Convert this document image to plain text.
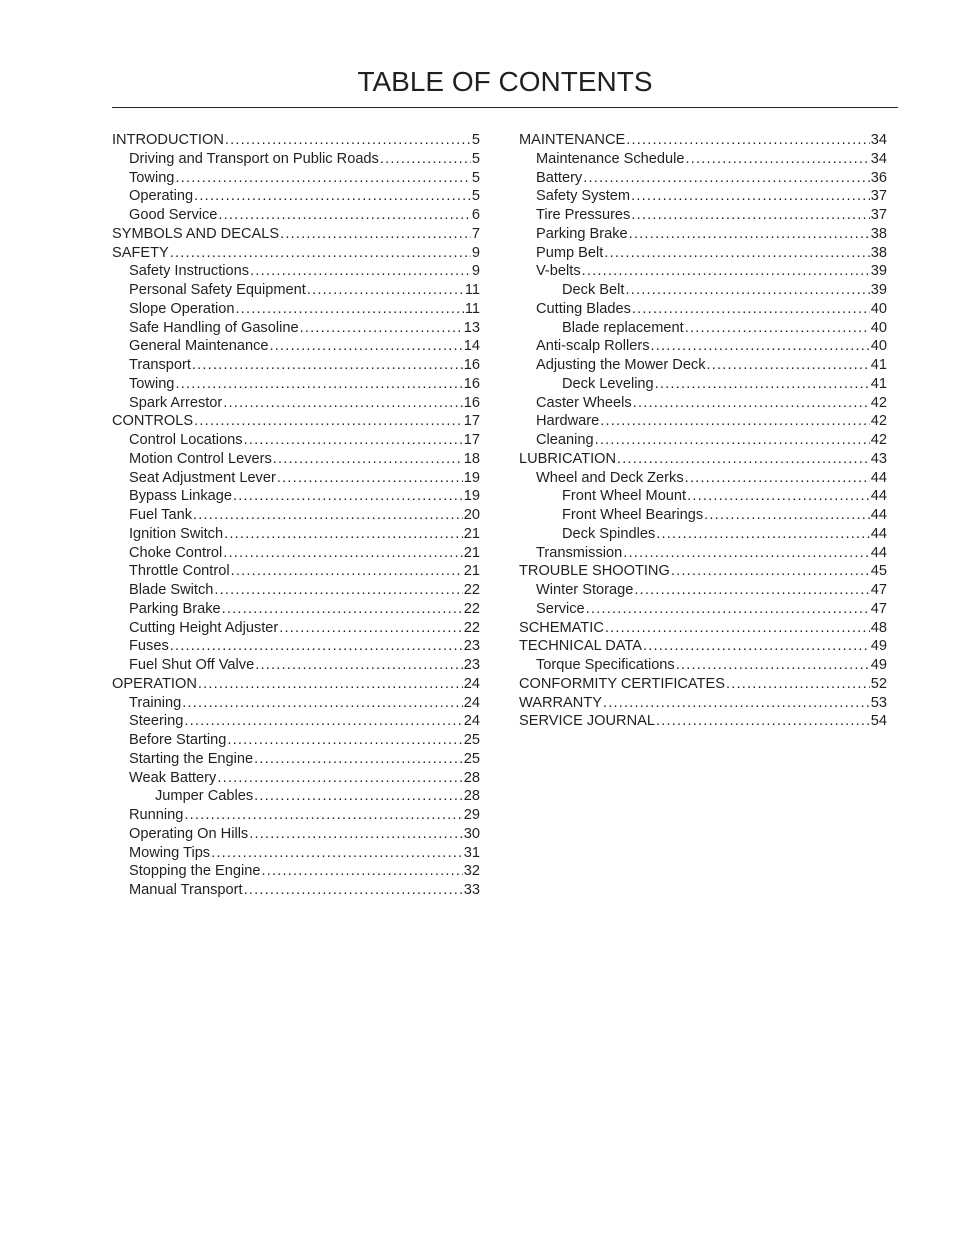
TABLE OF CONTENTS
INTRODUCTION .....	5
Driving and Transport on Public Roads .....	5
Towing .....	5
Operating .....	5
Good Service .....	6
SYMBOLS AND DECALS .....	7
SAFETY .....	9
Safety Instructions .....	9
Personal Safety Equipment .....	11
Slope Operation .....	11
Safe Handling of Gasoline .....	13
General Maintenance .....	14
Transport .....	16
Towing .....	16
Spark Arrestor .....	16
CONTROLS .....	17
Control Locations .....	17
Motion Control Levers .....	18
Seat Adjustment Lever .....	19
Bypass Linkage .....	19
Fuel Tank .....	20
Ignition Switch .....	21
Choke Control .....	21
Throttle Control .....	21
Blade Switch .....	22
Parking Brake .....	22
Cutting Height Adjuster .....	22
Fuses .....	23
Fuel Shut Off Valve .....	23
OPERATION .....	24
Training .....	24
Steering .....	24
Before Starting .....	25
Starting the Engine .....	25
Weak Battery .....	28
Jumper Cables .....	28
Running .....	29
Operating On Hills .....	30
Mowing Tips .....	31
Stopping the Engine .....	32
Manual Transport .....	33
MAINTENANCE .....	34
Maintenance Schedule .....	34
Battery .....	36
Safety System .....	37
Tire Pressures .....	37
Parking Brake .....	38
Pump Belt .....	38
V-belts .....	39
Deck Belt .....	39
Cutting Blades .....	40
Blade replacement .....	40
Anti-scalp Rollers .....	40
Adjusting the Mower Deck .....	41
Deck Leveling .....	41
Caster Wheels .....	42
Hardware .....	42
Cleaning .....	42
LUBRICATION .....	43
Wheel and Deck Zerks .....	44
Front Wheel Mount .....	44
Front Wheel Bearings .....	44
Deck Spindles .....	44
Transmission .....	44
TROUBLE SHOOTING .....	45
Winter Storage .....	47
Service .....	47
SCHEMATIC .....	48
TECHNICAL DATA .....	49
Torque Specifications .....	49
CONFORMITY CERTIFICATES .....	52
WARRANTY .....	53
SERVICE JOURNAL .....	54
